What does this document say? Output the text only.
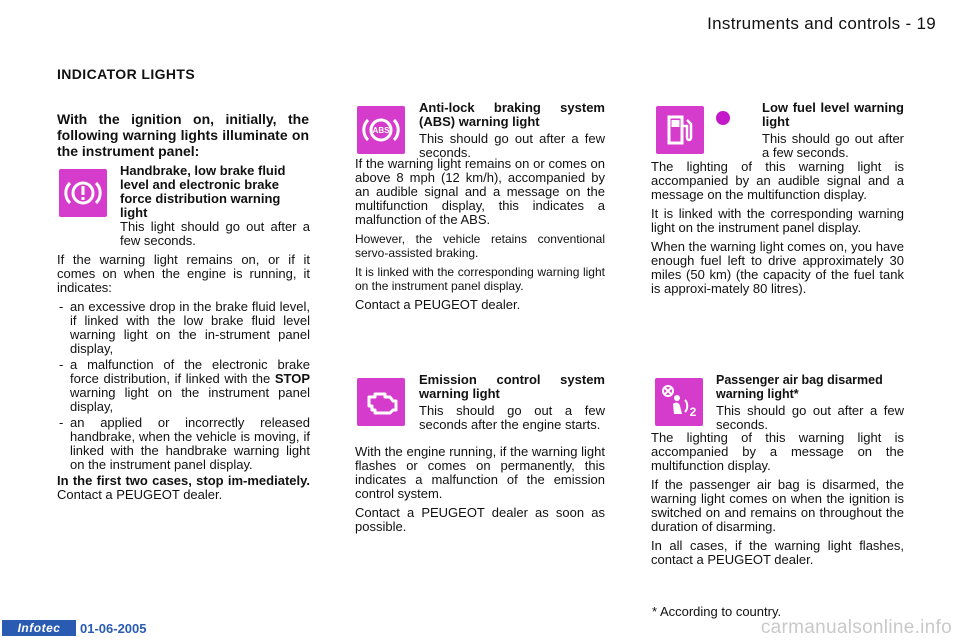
Instruments and controls - 19
INDICATOR LIGHTS
With the ignition on, initially, the following warning lights illuminate on the instrument panel:
Handbrake, low brake fluid level and electronic brake force distribution warning light

This light should go out after a few seconds.

If the warning light remains on, or if it comes on when the engine is running, it indicates:

- an excessive drop in the brake fluid level, if linked with the low brake fluid level warning light on the in-strument panel display,
- a malfunction of the electronic brake force distribution, if linked with the STOP warning light on the instrument panel display,
- an applied or incorrectly released handbrake, when the vehicle is moving, if linked with the handbrake warning light on the instrument panel display.

In the first two cases, stop im-mediately. Contact a PEUGEOT dealer.

ABS
Anti-lock braking system (ABS) warning light

This should go out after a few seconds.

If the warning light remains on or comes on above 8 mph (12 km/h), accompanied by an audible signal and a message on the multifunction display, this indicates a malfunction of the ABS.

However, the vehicle retains conventional servo-assisted braking.

It is linked with the corresponding warning light on the instrument panel display.

Contact a PEUGEOT dealer.

Emission control system warning light

This should go out a few seconds after the engine starts.

With the engine running, if the warning light flashes or comes on permanently, this indicates a malfunction of the emission control system.

Contact a PEUGEOT dealer as soon as possible.

Low fuel level warning light

This should go out after a few seconds.

The lighting of this warning light is accompanied by an audible signal and a message on the multifunction display.

It is linked with the corresponding warning light on the instrument panel display.

When the warning light comes on, you have enough fuel left to drive approximately 30 miles (50 km) (the capacity of the fuel tank is approxi-mately 80 litres).

2
Passenger air bag disarmed warning light*

This should go out after a few seconds.

The lighting of this warning light is accompanied by a message on the multifunction display.

If the passenger air bag is disarmed, the warning light comes on when the ignition is switched on and remains on throughout the duration of disarming.

In all cases, if the warning light flashes, contact a PEUGEOT dealer.

* According to country.
Infotec	01-06-2005	carmanualsonline.info
